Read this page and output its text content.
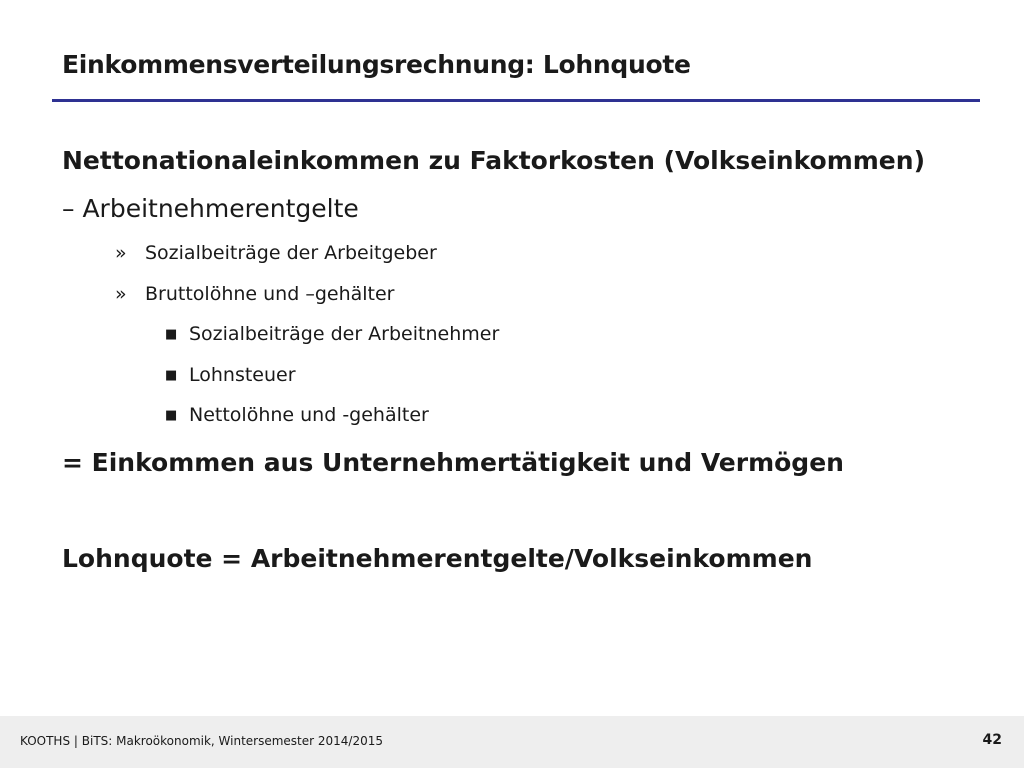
Einkommensverteilungsrechnung: Lohnquote
Nettonationaleinkommen zu Faktorkosten (Volkseinkommen)
– Arbeitnehmerentgelte
» Sozialbeiträge der Arbeitgeber
» Bruttolöhne und –gehälter
■ Sozialbeiträge der Arbeitnehmer
■ Lohnsteuer
■ Nettolöhne und -gehälter
= Einkommen aus Unternehmertätigkeit und Vermögen
Lohnquote = Arbeitnehmerentgelte/Volkseinkommen
KOOTHS | BiTS: Makroökonomik, Wintersemester 2014/2015	42
